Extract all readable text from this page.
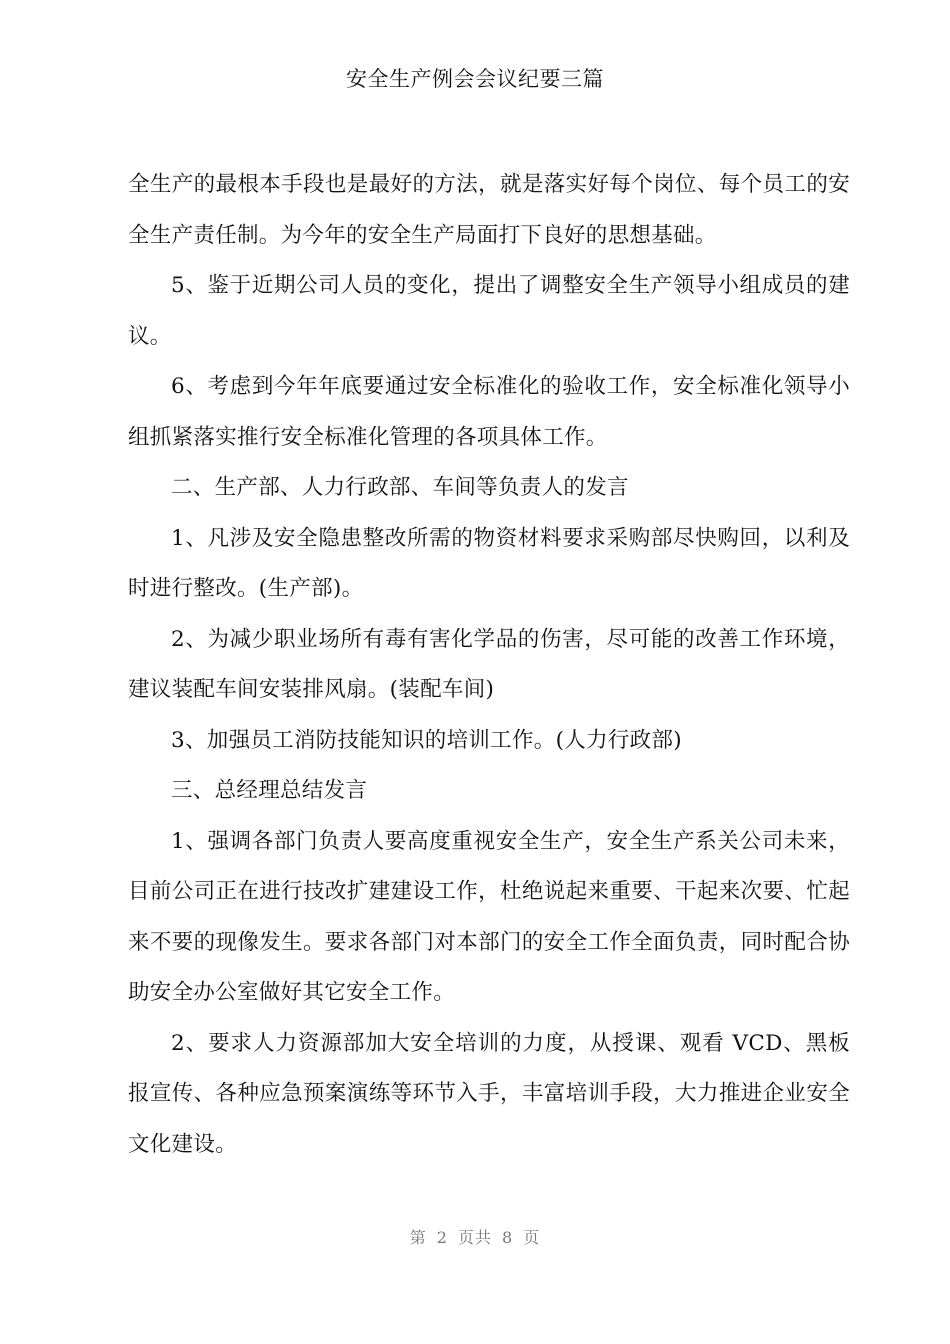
安全生产例会会议纪要三篇

全生产的最根本手段也是最好的方法，就是落实好每个岗位、每个员工的安全生产责任制。为今年的安全生产局面打下良好的思想基础。

5、鉴于近期公司人员的变化，提出了调整安全生产领导小组成员的建议。

6、考虑到今年年底要通过安全标准化的验收工作，安全标准化领导小组抓紧落实推行安全标准化管理的各项具体工作。

二、生产部、人力行政部、车间等负责人的发言

1、凡涉及安全隐患整改所需的物资材料要求采购部尽快购回，以利及时进行整改。(生产部)。

2、为减少职业场所有毒有害化学品的伤害，尽可能的改善工作环境，建议装配车间安装排风扇。(装配车间)

3、加强员工消防技能知识的培训工作。(人力行政部)

三、总经理总结发言

1、强调各部门负责人要高度重视安全生产，安全生产系关公司未来，目前公司正在进行技改扩建建设工作，杜绝说起来重要、干起来次要、忙起来不要的现像发生。要求各部门对本部门的安全工作全面负责，同时配合协助安全办公室做好其它安全工作。

2、要求人力资源部加大安全培训的力度，从授课、观看 VCD、黑板报宣传、各种应急预案演练等环节入手，丰富培训手段，大力推进企业安全文化建设。

第 2 页共 8 页
